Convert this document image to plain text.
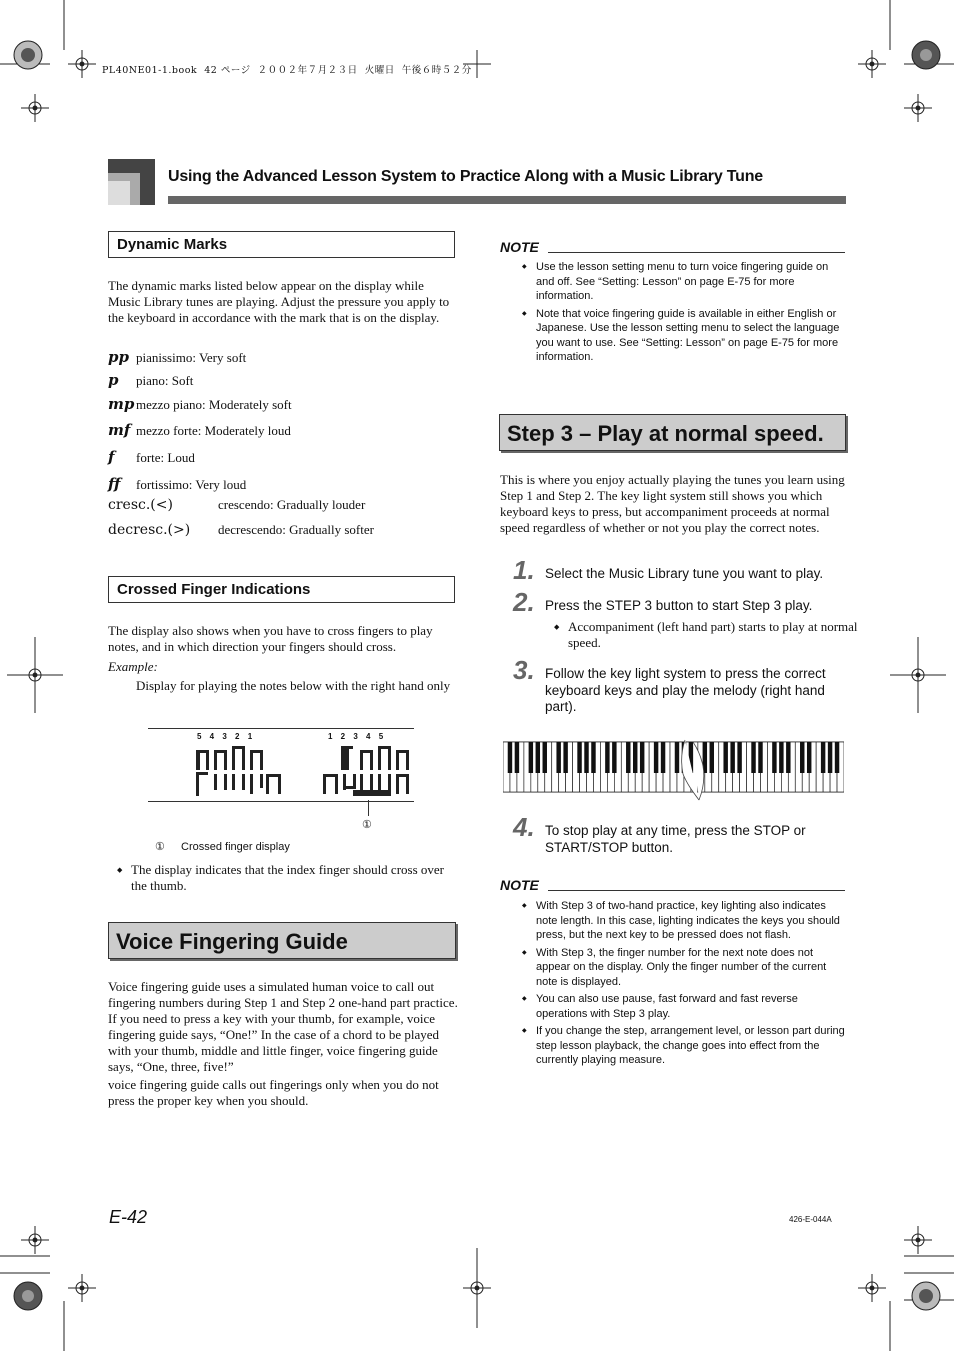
PL40NE01-1.book  42 ページ  ２００２年７月２３日  火曜日  午後６時５２分
Using the Advanced Lesson System to Practice Along with a Music Library Tune
Dynamic Marks

The dynamic marks listed below appear on the display while Music Library tunes are playing. Adjust the pressure you apply to the keyboard in accordance with the mark that is on the display.

pp pianissimo: Very soft
p piano: Soft
mp mezzo piano: Moderately soft
mf mezzo forte: Moderately loud
f forte: Loud
ff fortissimo: Very loud
cresc.(<)	crescendo: Gradually louder
decresc.(>) decrescendo: Gradually softer
Crossed Finger Indications

The display also shows when you have to cross fingers to play notes, and in which direction your fingers should cross.

Example:

Display for playing the notes below with the right hand only

5 4 3 2 1	1 2 3 4 5
①
① Crossed finger display
◆ The display indicates that the index finger should cross over the thumb.
Voice Fingering Guide

Voice fingering guide uses a simulated human voice to call out fingering numbers during Step 1 and Step 2 one-hand part practice. If you need to press a key with your thumb, for example, voice fingering guide says, “One!” In the case of a chord to be played with your thumb, middle and little finger, voice fingering guide says, “One, three, five!”

voice fingering guide calls out fingerings only when you do not press the proper key when you should.

NOTE
◆ Use the lesson setting menu to turn voice fingering guide on and off. See “Setting: Lesson” on page E-75 for more information.
◆ Note that voice fingering guide is available in either English or Japanese. Use the lesson setting menu to select the language you want to use. See “Setting: Lesson” on page E-75 for more information.
Step 3 – Play at normal speed.

This is where you enjoy actually playing the tunes you learn using Step 1 and Step 2. The key light system still shows you which keyboard keys to press, but accompaniment proceeds at normal speed regardless of whether or not you play the correct notes.

1. Select the Music Library tune you want to play.
2. Press the STEP 3 button to start Step 3 play.
◆ Accompaniment (left hand part) starts to play at normal speed.
3. Follow the key light system to press the correct keyboard keys and play the melody (right hand part).
4. To stop play at any time, press the STOP or START/STOP button.
NOTE
◆ With Step 3 of two-hand practice, key lighting also indicates note length. In this case, lighting indicates the keys you should press, but the next key to be pressed does not flash.
◆ With Step 3, the finger number for the next note does not appear on the display. Only the finger number of the current note is displayed.
◆ You can also use pause, fast forward and fast reverse operations with Step 3 play.
◆ If you change the step, arrangement level, or lesson part during step lesson playback, the change goes into effect from the currently playing measure.
E-42	426-E-044A
